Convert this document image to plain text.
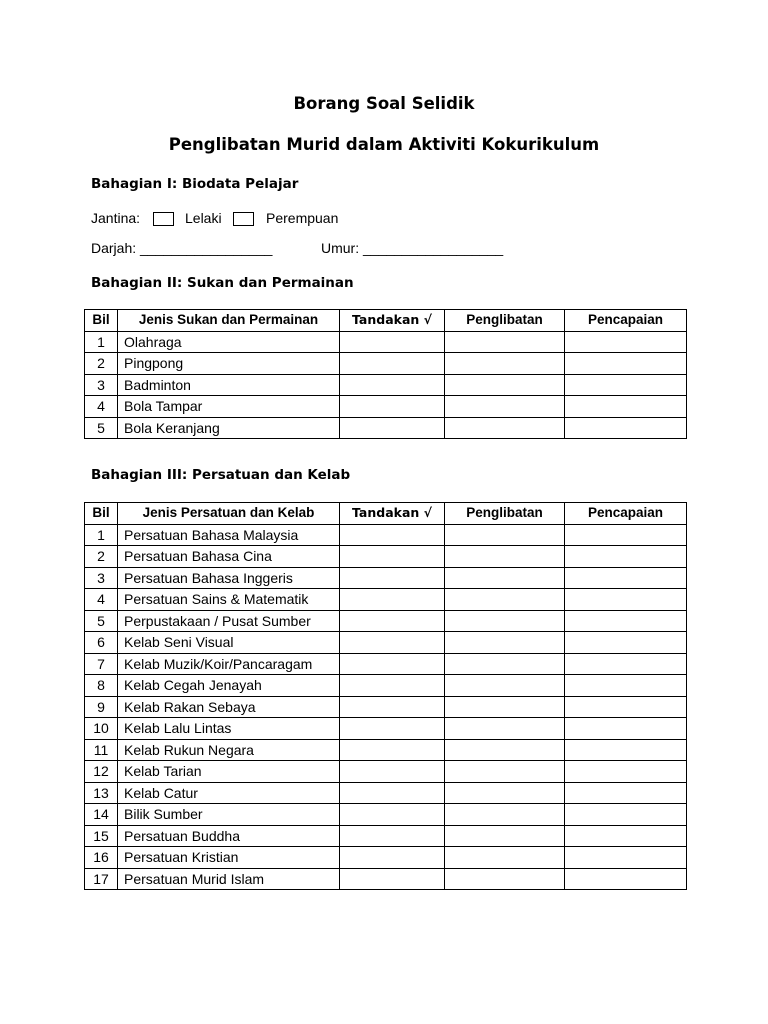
Borang Soal Selidik
Penglibatan Murid dalam Aktiviti Kokurikulum
Bahagian I: Biodata Pelajar
Jantina:	Lelaki	Perempuan
Darjah: _________________	Umur: __________________
Bahagian II: Sukan dan Permainan
Bil	Jenis Sukan dan Permainan	Tandakan √	Penglibatan	Pencapaian
1	Olahraga			
2	Pingpong			
3	Badminton			
4	Bola Tampar			
5	Bola Keranjang			
Bahagian III: Persatuan dan Kelab
Bil	Jenis Persatuan dan Kelab	Tandakan √	Penglibatan	Pencapaian
1	Persatuan Bahasa Malaysia			
2	Persatuan Bahasa Cina			
3	Persatuan Bahasa Inggeris			
4	Persatuan Sains & Matematik			
5	Perpustakaan / Pusat Sumber			
6	Kelab Seni Visual			
7	Kelab Muzik/Koir/Pancaragam			
8	Kelab Cegah Jenayah			
9	Kelab Rakan Sebaya			
10	Kelab Lalu Lintas			
11	Kelab Rukun Negara			
12	Kelab Tarian			
13	Kelab Catur			
14	Bilik Sumber			
15	Persatuan Buddha			
16	Persatuan Kristian			
17	Persatuan Murid Islam			
